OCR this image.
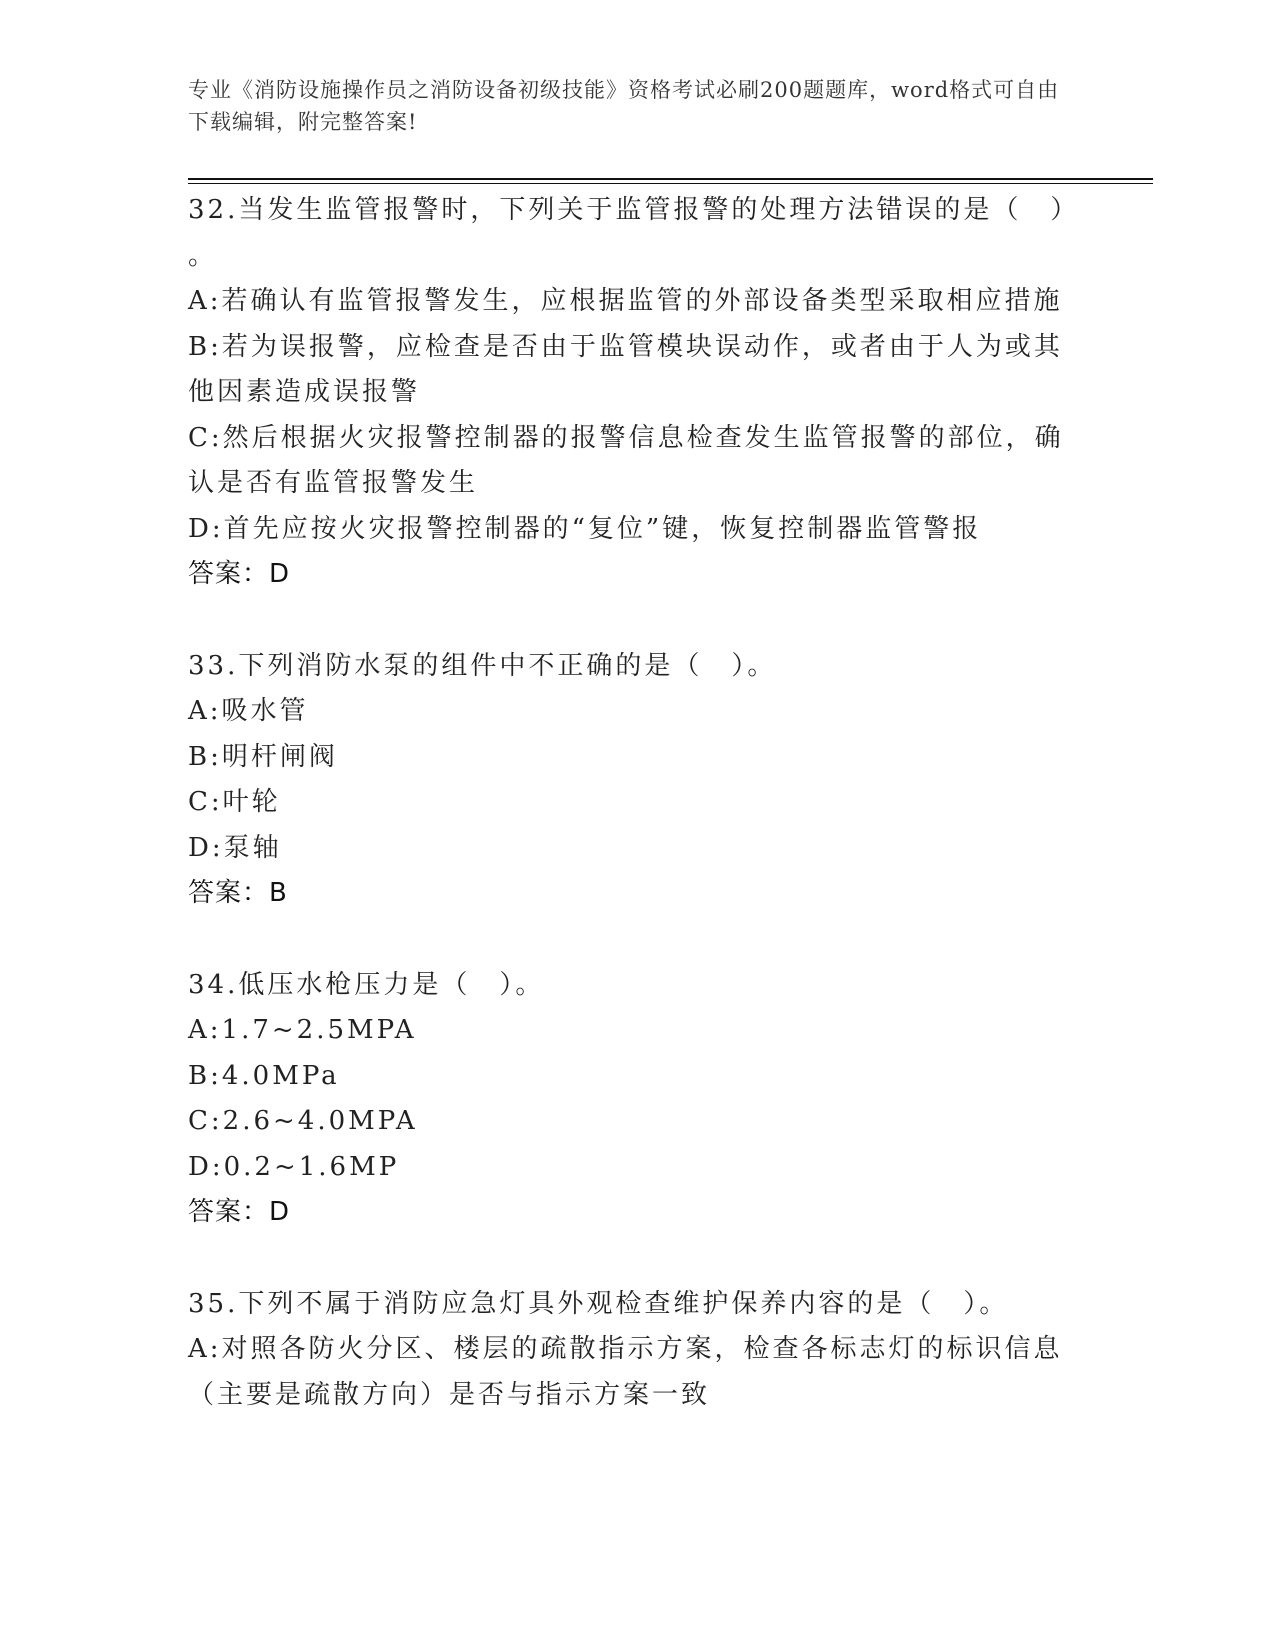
专业《消防设施操作员之消防设备初级技能》资格考试必刷200题题库，word格式可自由下载编辑，附完整答案!
32.当发生监管报警时，下列关于监管报警的处理方法错误的是（　）
。
A:若确认有监管报警发生，应根据监管的外部设备类型采取相应措施
B:若为误报警，应检查是否由于监管模块误动作，或者由于人为或其他因素造成误报警
C:然后根据火灾报警控制器的报警信息检查发生监管报警的部位，确认是否有监管报警发生
D:首先应按火灾报警控制器的“复位”键，恢复控制器监管警报
答案：D
33.下列消防水泵的组件中不正确的是（　）。
A:吸水管
B:明杆闸阀
C:叶轮
D:泵轴
答案：B
34.低压水枪压力是（　）。
A:1.7~2.5MPA
B:4.0MPa
C:2.6~4.0MPA
D:0.2~1.6MP
答案：D
35.下列不属于消防应急灯具外观检查维护保养内容的是（　）。
A:对照各防火分区、楼层的疏散指示方案，检查各标志灯的标识信息（主要是疏散方向）是否与指示方案一致
